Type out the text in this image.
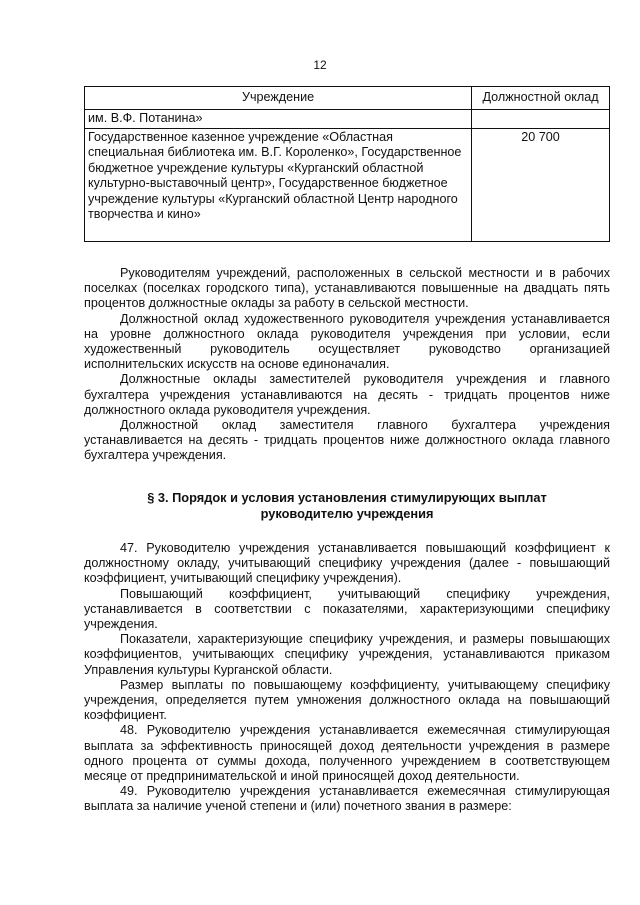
12
Учреждение	Должностной оклад
им. В.Ф. Потанина»	
Государственное казенное учреждение «Областная специальная библиотека им. В.Г. Короленко», Государственное бюджетное учреждение культуры «Курганский областной культурно-выставочный центр», Государственное бюджетное учреждение культуры «Курганский областной Центр народного творчества и кино»	20 700

Руководителям учреждений, расположенных в сельской местности и в рабочих поселках (поселках городского типа), устанавливаются повышенные на двадцать пять процентов должностные оклады за работу в сельской местности.

Должностной оклад художественного руководителя учреждения устанавливается на уровне должностного оклада руководителя учреждения при условии, если художественный руководитель осуществляет руководство организацией исполнительских искусств на основе единоначалия.

Должностные оклады заместителей руководителя учреждения и главного бухгалтера учреждения устанавливаются на десять - тридцать процентов ниже должностного оклада руководителя учреждения.

Должностной оклад заместителя главного бухгалтера учреждения устанавливается на десять - тридцать процентов ниже должностного оклада главного бухгалтера учреждения.

§ 3. Порядок и условия установления стимулирующих выплат
руководителю учреждения

47. Руководителю учреждения устанавливается повышающий коэффициент к должностному окладу, учитывающий специфику учреждения (далее - повышающий коэффициент, учитывающий специфику учреждения).

Повышающий коэффициент, учитывающий специфику учреждения, устанавливается в соответствии с показателями, характеризующими специфику учреждения.

Показатели, характеризующие специфику учреждения, и размеры повышающих коэффициентов, учитывающих специфику учреждения, устанавливаются приказом Управления культуры Курганской области.

Размер выплаты по повышающему коэффициенту, учитывающему специфику учреждения, определяется путем умножения должностного оклада на повышающий коэффициент.

48. Руководителю учреждения устанавливается ежемесячная стимулирующая выплата за эффективность приносящей доход деятельности учреждения в размере одного процента от суммы дохода, полученного учреждением в соответствующем месяце от предпринимательской и иной приносящей доход деятельности.

49. Руководителю учреждения устанавливается ежемесячная стимулирующая выплата за наличие ученой степени и (или) почетного звания в размере:
